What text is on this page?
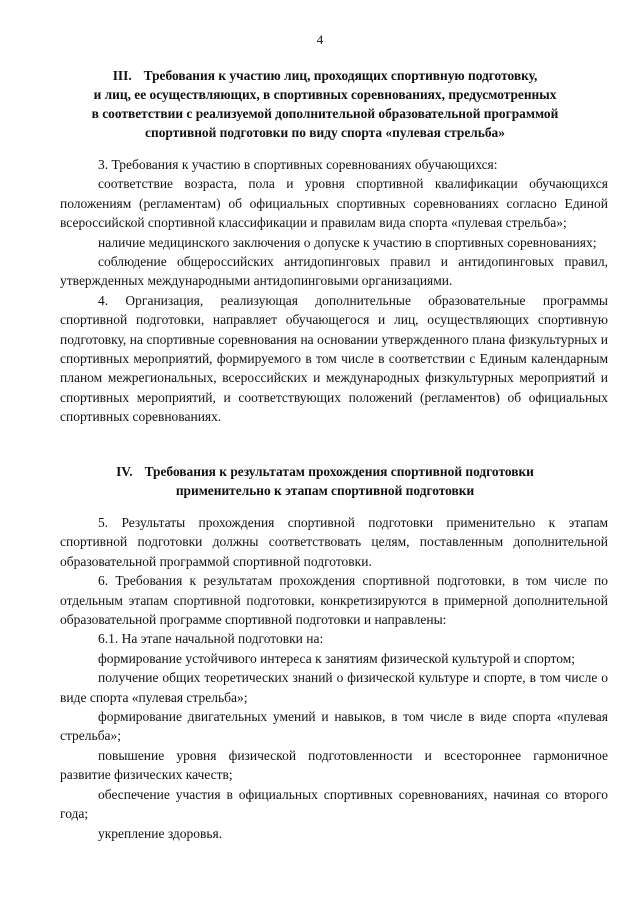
4
III. Требования к участию лиц, проходящих спортивную подготовку,
и лиц, ее осуществляющих, в спортивных соревнованиях, предусмотренных
в соответствии с реализуемой дополнительной образовательной программой
спортивной подготовки по виду спорта «пулевая стрельба»

3. Требования к участию в спортивных соревнованиях обучающихся:

соответствие возраста, пола и уровня спортивной квалификации обучающихся положениям (регламентам) об официальных спортивных соревнованиях согласно Единой всероссийской спортивной классификации и правилам вида спорта «пулевая стрельба»;

наличие медицинского заключения о допуске к участию в спортивных соревнованиях;

соблюдение общероссийских антидопинговых правил и антидопинговых правил, утвержденных международными антидопинговыми организациями.

4. Организация, реализующая дополнительные образовательные программы спортивной подготовки, направляет обучающегося и лиц, осуществляющих спортивную подготовку, на спортивные соревнования на основании утвержденного плана физкультурных и спортивных мероприятий, формируемого в том числе в соответствии с Единым календарным планом межрегиональных, всероссийских и международных физкультурных мероприятий и спортивных мероприятий, и соответствующих положений (регламентов) об официальных спортивных соревнованиях.

IV. Требования к результатам прохождения спортивной подготовки
применительно к этапам спортивной подготовки

5. Результаты прохождения спортивной подготовки применительно к этапам спортивной подготовки должны соответствовать целям, поставленным дополнительной образовательной программой спортивной подготовки.

6. Требования к результатам прохождения спортивной подготовки, в том числе по отдельным этапам спортивной подготовки, конкретизируются в примерной дополнительной образовательной программе спортивной подготовки и направлены:

6.1. На этапе начальной подготовки на:

формирование устойчивого интереса к занятиям физической культурой и спортом;

получение общих теоретических знаний о физической культуре и спорте, в том числе о виде спорта «пулевая стрельба»;

формирование двигательных умений и навыков, в том числе в виде спорта «пулевая стрельба»;

повышение уровня физической подготовленности и всестороннее гармоничное развитие физических качеств;

обеспечение участия в официальных спортивных соревнованиях, начиная со второго года;

укрепление здоровья.
